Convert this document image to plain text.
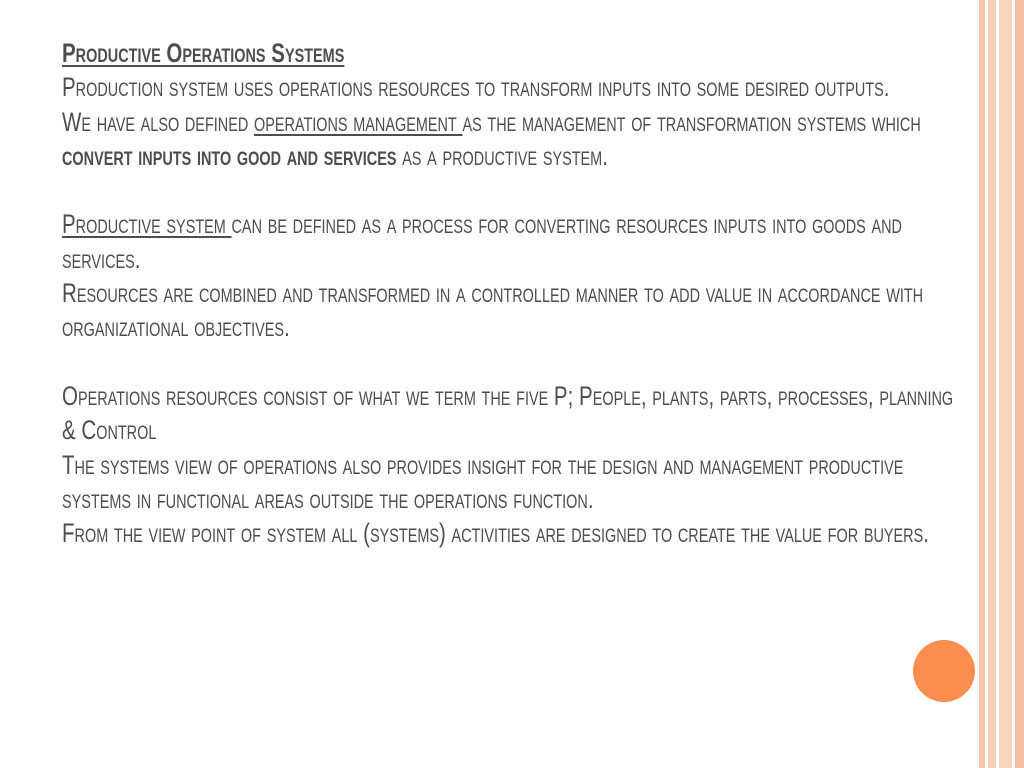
Productive Operations Systems

Production system uses operations resources to transform inputs into some desired outputs.

We have also defined operations management as the management of transformation systems which convert inputs into good and services as a productive system.

Productive system can be defined as a process for converting resources inputs into goods and services.

Resources are combined and transformed in a controlled manner to add value in accordance with organizational objectives.

Operations resources consist of what we term the five P; People, plants, parts, processes, planning & Control

The systems view of operations also provides insight for the design and management productive systems in functional areas outside the operations function.

From the view point of system all (systems) activities are designed to create the value for buyers.
